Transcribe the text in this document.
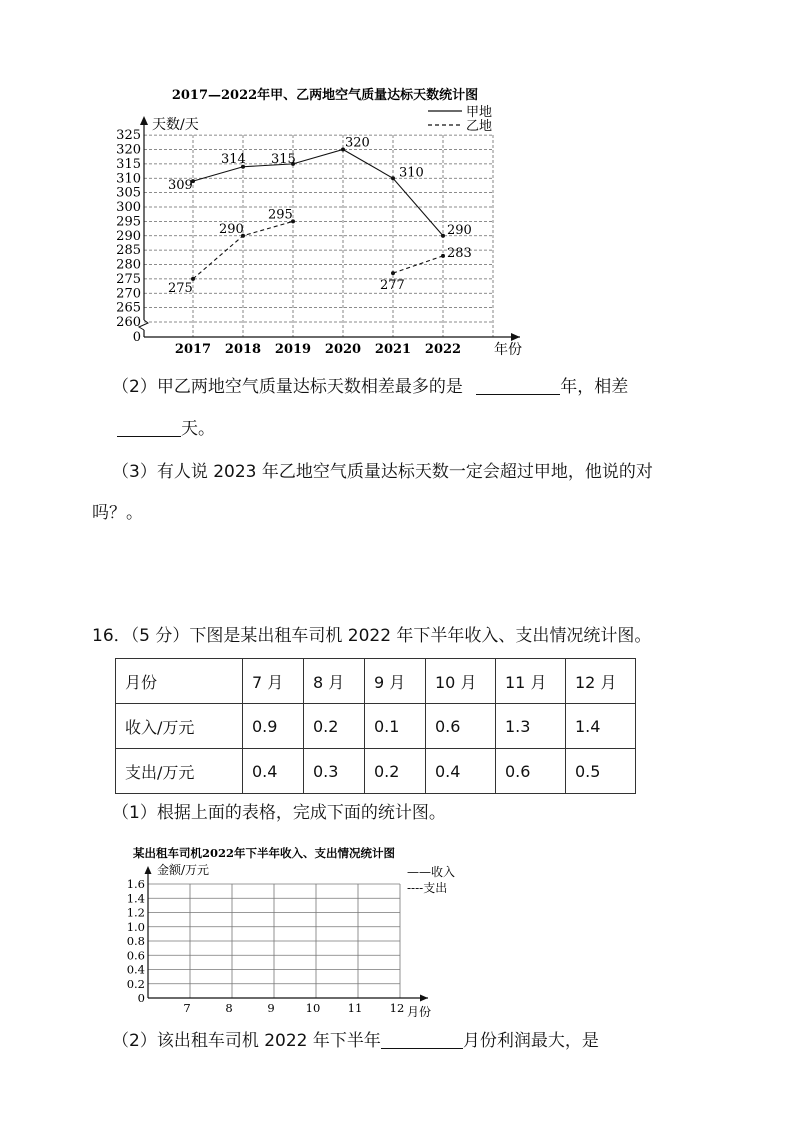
2017—2022年甲、乙两地空气质量达标天数统计图
0
260
265
270
275
280
285
290
295
300
305
310
315
320
325
2017 2018 2019 2020 2021 2022
天数/天
年份
甲地
乙地
309
314 315
320
310
290
275
290
295
277
283
（2）甲乙两地空气质量达标天数相差最多的是	年，相差
天。
（3）有人说 2023 年乙地空气质量达标天数一定会超过甲地，他说的对
吗？。
16．（5 分）下图是某出租车司机 2022 年下半年收入、支出情况统计图。
月份	7 月	8 月	9 月	10 月	11 月	12 月
收入/万元	0.9	0.2	0.1	0.6	1.3	1.4
支出/万元	0.4	0.3	0.2	0.4	0.6	0.5
（1）根据上面的表格，完成下面的统计图。
某出租车司机2022年下半年收入、支出情况统计图
0
0.2
0.4
0.6
0.8
1.0
1.2
1.4
1.6
7	8	9	10 11 12
金额/万元
月份
——收入
----支出
（2）该出租车司机 2022 年下半年	月份利润最大，是
